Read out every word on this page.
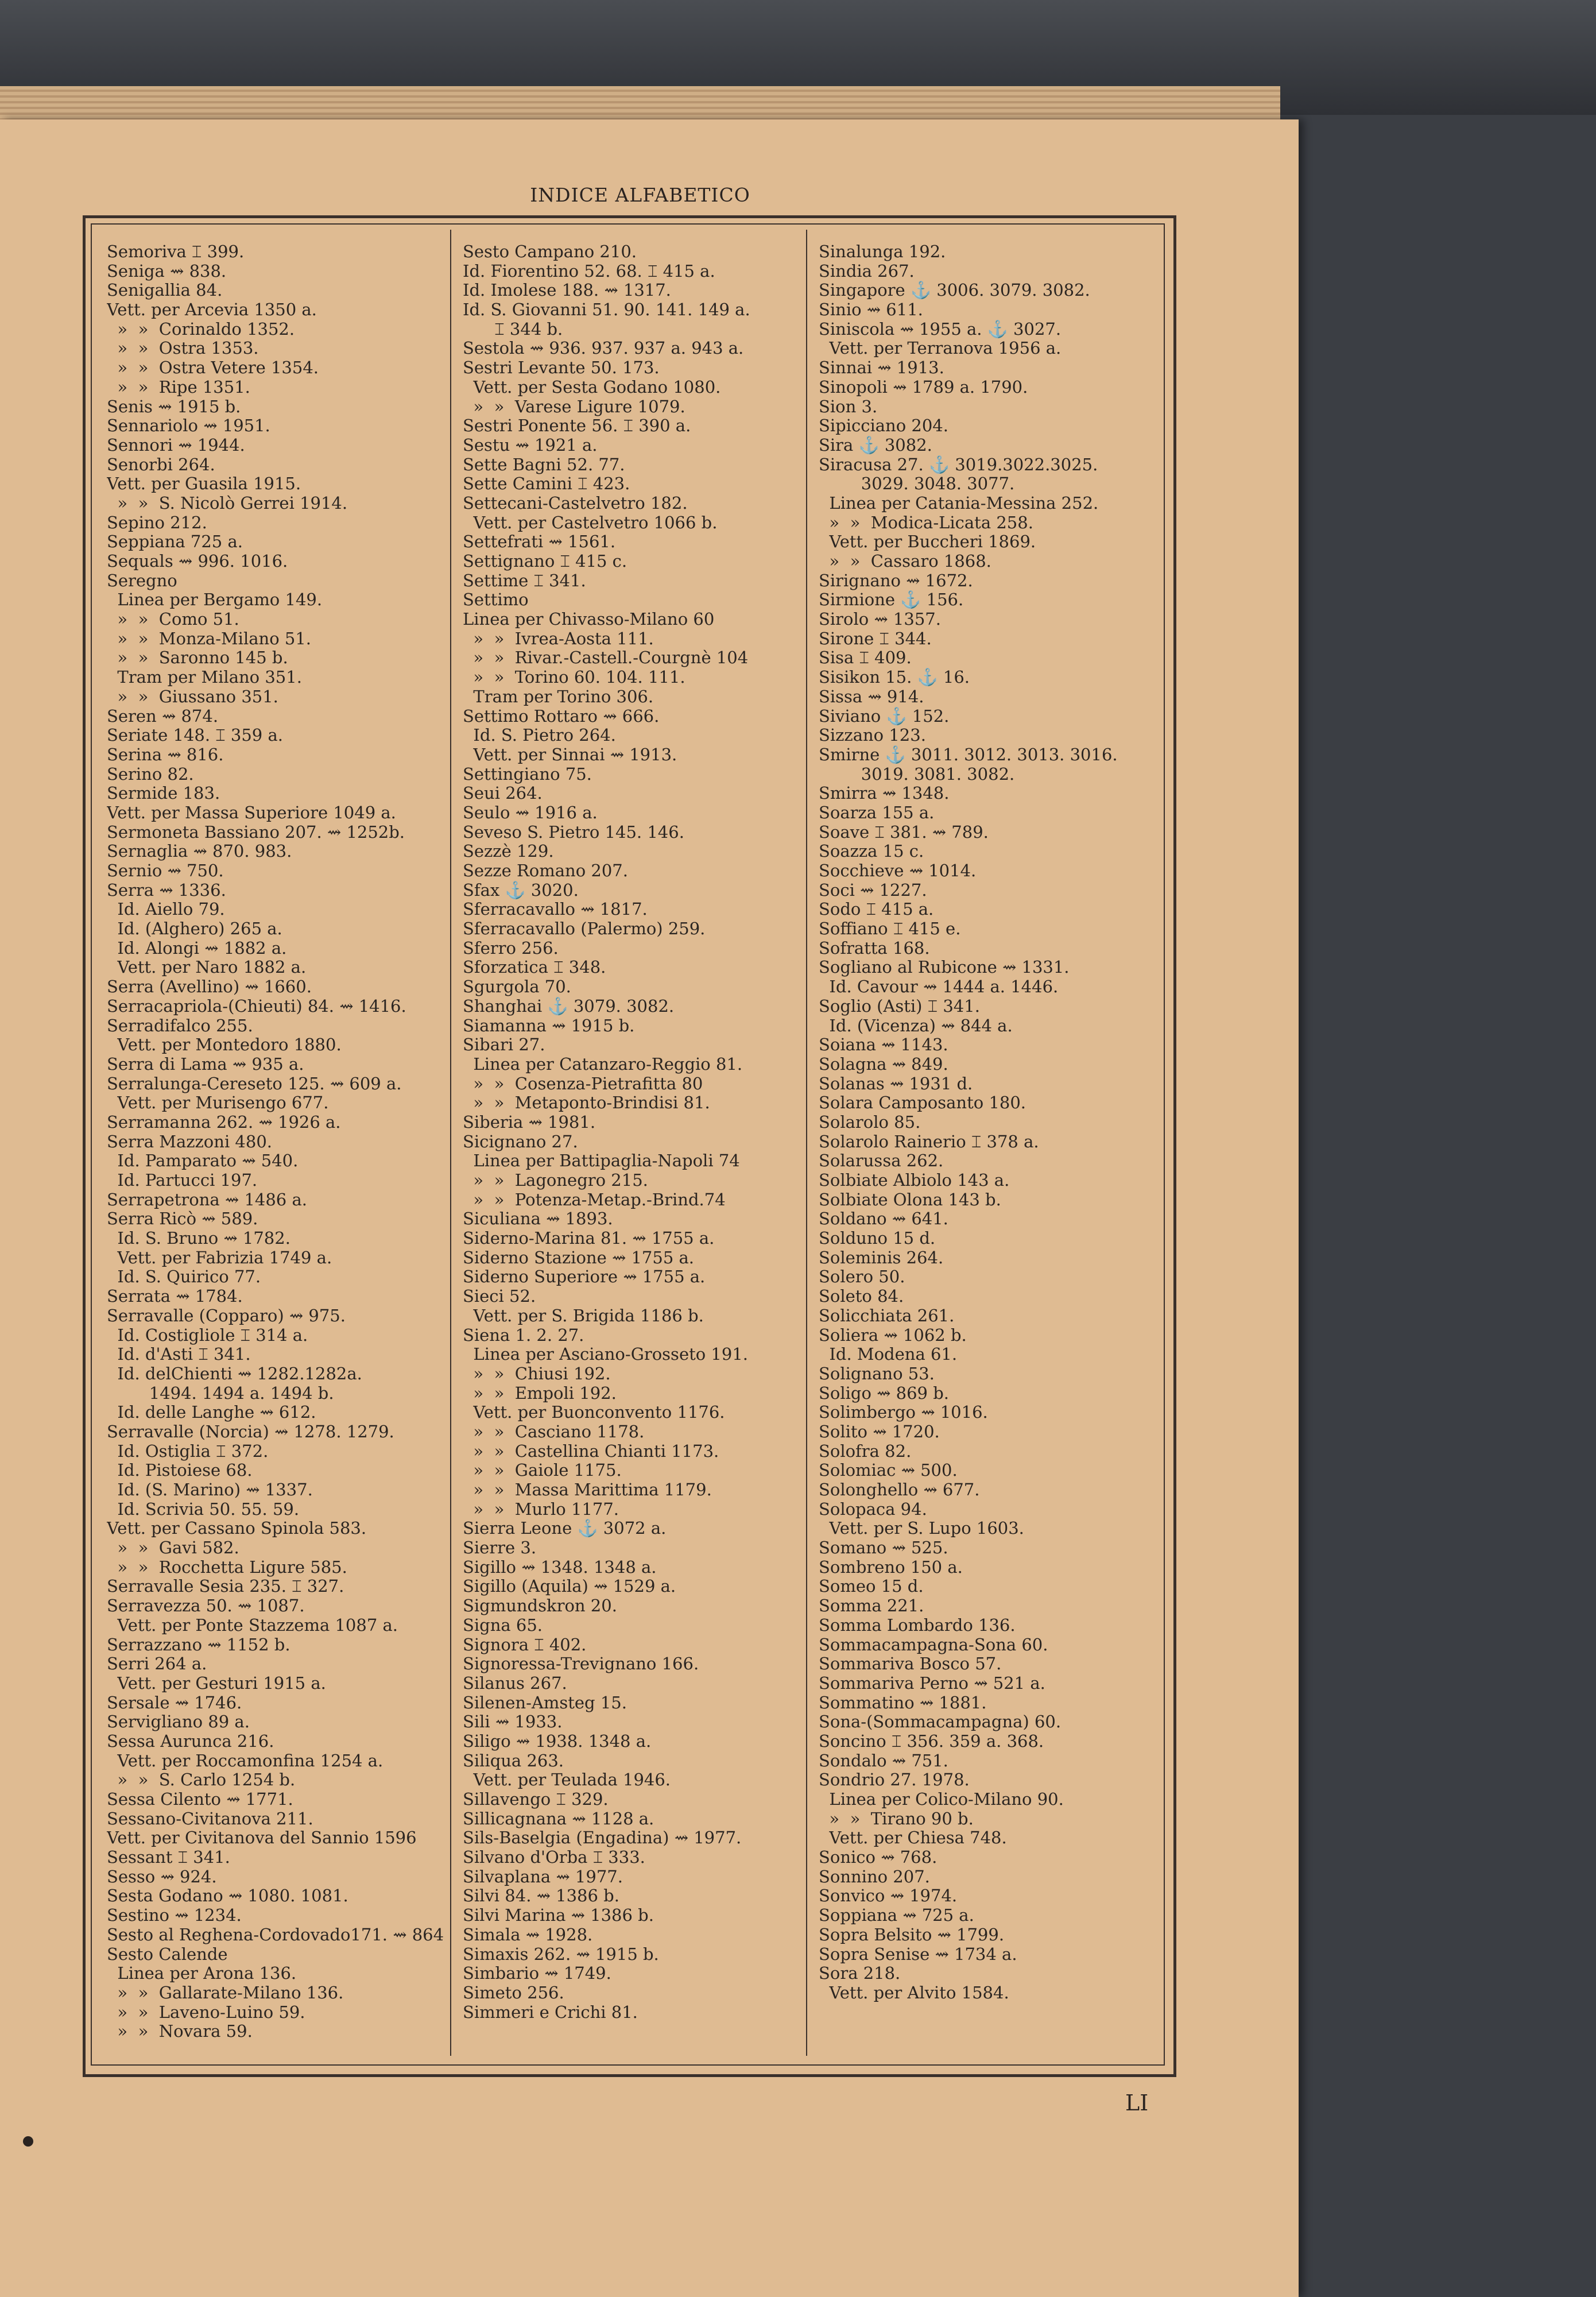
INDICE ALFABETICO
Semoriva ⌶ 399.
Seniga ⇝ 838.
Senigallia 84.
Vett. per Arcevia 1350 a.
»  »  Corinaldo 1352.
»  »  Ostra 1353.
»  »  Ostra Vetere 1354.
»  »  Ripe 1351.
Senis ⇝ 1915 b.
Sennariolo ⇝ 1951.
Sennori ⇝ 1944.
Senorbi 264.
Vett. per Guasila 1915.
»  »  S. Nicolò Gerrei 1914.
Sepino 212.
Seppiana 725 a.
Sequals ⇝ 996. 1016.
Seregno
Linea per Bergamo 149.
»  »  Como 51.
»  »  Monza-Milano 51.
»  »  Saronno 145 b.
Tram per Milano 351.
»  »  Giussano 351.
Seren ⇝ 874.
Seriate 148. ⌶ 359 a.
Serina ⇝ 816.
Serino 82.
Sermide 183.
Vett. per Massa Superiore 1049 a.
Sermoneta Bassiano 207. ⇝ 1252b.
Sernaglia ⇝ 870. 983.
Sernio ⇝ 750.
Serra ⇝ 1336.
Id. Aiello 79.
Id. (Alghero) 265 a.
Id. Alongi ⇝ 1882 a.
Vett. per Naro 1882 a.
Serra (Avellino) ⇝ 1660.
Serracapriola-(Chieuti) 84. ⇝ 1416.
Serradifalco 255.
Vett. per Montedoro 1880.
Serra di Lama ⇝ 935 a.
Serralunga-Cereseto 125. ⇝ 609 a.
Vett. per Murisengo 677.
Serramanna 262. ⇝ 1926 a.
Serra Mazzoni 480.
Id. Pamparato ⇝ 540.
Id. Partucci 197.
Serrapetrona ⇝ 1486 a.
Serra Ricò ⇝ 589.
Id. S. Bruno ⇝ 1782.
Vett. per Fabrizia 1749 a.
Id. S. Quirico 77.
Serrata ⇝ 1784.
Serravalle (Copparo) ⇝ 975.
Id. Costigliole ⌶ 314 a.
Id. d'Asti ⌶ 341.
Id. delChienti ⇝ 1282.1282a.
1494. 1494 a. 1494 b.
Id. delle Langhe ⇝ 612.
Serravalle (Norcia) ⇝ 1278. 1279.
Id. Ostiglia ⌶ 372.
Id. Pistoiese 68.
Id. (S. Marino) ⇝ 1337.
Id. Scrivia 50. 55. 59.
Vett. per Cassano Spinola 583.
»  »  Gavi 582.
»  »  Rocchetta Ligure 585.
Serravalle Sesia 235. ⌶ 327.
Serravezza 50. ⇝ 1087.
Vett. per Ponte Stazzema 1087 a.
Serrazzano ⇝ 1152 b.
Serri 264 a.
Vett. per Gesturi 1915 a.
Sersale ⇝ 1746.
Servigliano 89 a.
Sessa Aurunca 216.
Vett. per Roccamonfina 1254 a.
»  »  S. Carlo 1254 b.
Sessa Cilento ⇝ 1771.
Sessano-Civitanova 211.
Vett. per Civitanova del Sannio 1596
Sessant ⌶ 341.
Sesso ⇝ 924.
Sesta Godano ⇝ 1080. 1081.
Sestino ⇝ 1234.
Sesto al Reghena-Cordovado171. ⇝ 864
Sesto Calende
Linea per Arona 136.
»  »  Gallarate-Milano 136.
»  »  Laveno-Luino 59.
»  »  Novara 59.
Sesto Campano 210.
Id. Fiorentino 52. 68. ⌶ 415 a.
Id. Imolese 188. ⇝ 1317.
Id. S. Giovanni 51. 90. 141. 149 a.
⌶ 344 b.
Sestola ⇝ 936. 937. 937 a. 943 a.
Sestri Levante 50. 173.
Vett. per Sesta Godano 1080.
»  »  Varese Ligure 1079.
Sestri Ponente 56. ⌶ 390 a.
Sestu ⇝ 1921 a.
Sette Bagni 52. 77.
Sette Camini ⌶ 423.
Settecani-Castelvetro 182.
Vett. per Castelvetro 1066 b.
Settefrati ⇝ 1561.
Settignano ⌶ 415 c.
Settime ⌶ 341.
Settimo
Linea per Chivasso-Milano 60
»  »  Ivrea-Aosta 111.
»  »  Rivar.-Castell.-Courgnè 104
»  »  Torino 60. 104. 111.
Tram per Torino 306.
Settimo Rottaro ⇝ 666.
Id. S. Pietro 264.
Vett. per Sinnai ⇝ 1913.
Settingiano 75.
Seui 264.
Seulo ⇝ 1916 a.
Seveso S. Pietro 145. 146.
Sezzè 129.
Sezze Romano 207.
Sfax ⚓ 3020.
Sferracavallo ⇝ 1817.
Sferracavallo (Palermo) 259.
Sferro 256.
Sforzatica ⌶ 348.
Sgurgola 70.
Shanghai ⚓ 3079. 3082.
Siamanna ⇝ 1915 b.
Sibari 27.
Linea per Catanzaro-Reggio 81.
»  »  Cosenza-Pietrafitta 80
»  »  Metaponto-Brindisi 81.
Siberia ⇝ 1981.
Sicignano 27.
Linea per Battipaglia-Napoli 74
»  »  Lagonegro 215.
»  »  Potenza-Metap.-Brind.74
Siculiana ⇝ 1893.
Siderno-Marina 81. ⇝ 1755 a.
Siderno Stazione ⇝ 1755 a.
Siderno Superiore ⇝ 1755 a.
Sieci 52.
Vett. per S. Brigida 1186 b.
Siena 1. 2. 27.
Linea per Asciano-Grosseto 191.
»  »  Chiusi 192.
»  »  Empoli 192.
Vett. per Buonconvento 1176.
»  »  Casciano 1178.
»  »  Castellina Chianti 1173.
»  »  Gaiole 1175.
»  »  Massa Marittima 1179.
»  »  Murlo 1177.
Sierra Leone ⚓ 3072 a.
Sierre 3.
Sigillo ⇝ 1348. 1348 a.
Sigillo (Aquila) ⇝ 1529 a.
Sigmundskron 20.
Signa 65.
Signora ⌶ 402.
Signoressa-Trevignano 166.
Silanus 267.
Silenen-Amsteg 15.
Sili ⇝ 1933.
Siligo ⇝ 1938. 1348 a.
Siliqua 263.
Vett. per Teulada 1946.
Sillavengo ⌶ 329.
Sillicagnana ⇝ 1128 a.
Sils-Baselgia (Engadina) ⇝ 1977.
Silvano d'Orba ⌶ 333.
Silvaplana ⇝ 1977.
Silvi 84. ⇝ 1386 b.
Silvi Marina ⇝ 1386 b.
Simala ⇝ 1928.
Simaxis 262. ⇝ 1915 b.
Simbario ⇝ 1749.
Simeto 256.
Simmeri e Crichi 81.
Sinalunga 192.
Sindia 267.
Singapore ⚓ 3006. 3079. 3082.
Sinio ⇝ 611.
Siniscola ⇝ 1955 a. ⚓ 3027.
Vett. per Terranova 1956 a.
Sinnai ⇝ 1913.
Sinopoli ⇝ 1789 a. 1790.
Sion 3.
Sipicciano 204.
Sira ⚓ 3082.
Siracusa 27. ⚓ 3019.3022.3025.
3029. 3048. 3077.
Linea per Catania-Messina 252.
»  »  Modica-Licata 258.
Vett. per Buccheri 1869.
»  »  Cassaro 1868.
Sirignano ⇝ 1672.
Sirmione ⚓ 156.
Sirolo ⇝ 1357.
Sirone ⌶ 344.
Sisa ⌶ 409.
Sisikon 15. ⚓ 16.
Sissa ⇝ 914.
Siviano ⚓ 152.
Sizzano 123.
Smirne ⚓ 3011. 3012. 3013. 3016.
3019. 3081. 3082.
Smirra ⇝ 1348.
Soarza 155 a.
Soave ⌶ 381. ⇝ 789.
Soazza 15 c.
Socchieve ⇝ 1014.
Soci ⇝ 1227.
Sodo ⌶ 415 a.
Soffiano ⌶ 415 e.
Sofratta 168.
Sogliano al Rubicone ⇝ 1331.
Id. Cavour ⇝ 1444 a. 1446.
Soglio (Asti) ⌶ 341.
Id. (Vicenza) ⇝ 844 a.
Soiana ⇝ 1143.
Solagna ⇝ 849.
Solanas ⇝ 1931 d.
Solara Camposanto 180.
Solarolo 85.
Solarolo Rainerio ⌶ 378 a.
Solarussa 262.
Solbiate Albiolo 143 a.
Solbiate Olona 143 b.
Soldano ⇝ 641.
Solduno 15 d.
Soleminis 264.
Solero 50.
Soleto 84.
Solicchiata 261.
Soliera ⇝ 1062 b.
Id. Modena 61.
Solignano 53.
Soligo ⇝ 869 b.
Solimbergo ⇝ 1016.
Solito ⇝ 1720.
Solofra 82.
Solomiac ⇝ 500.
Solonghello ⇝ 677.
Solopaca 94.
Vett. per S. Lupo 1603.
Somano ⇝ 525.
Sombreno 150 a.
Someo 15 d.
Somma 221.
Somma Lombardo 136.
Sommacampagna-Sona 60.
Sommariva Bosco 57.
Sommariva Perno ⇝ 521 a.
Sommatino ⇝ 1881.
Sona-(Sommacampagna) 60.
Soncino ⌶ 356. 359 a. 368.
Sondalo ⇝ 751.
Sondrio 27. 1978.
Linea per Colico-Milano 90.
»  »  Tirano 90 b.
Vett. per Chiesa 748.
Sonico ⇝ 768.
Sonnino 207.
Sonvico ⇝ 1974.
Soppiana ⇝ 725 a.
Sopra Belsito ⇝ 1799.
Sopra Senise ⇝ 1734 a.
Sora 218.
Vett. per Alvito 1584.
LI
